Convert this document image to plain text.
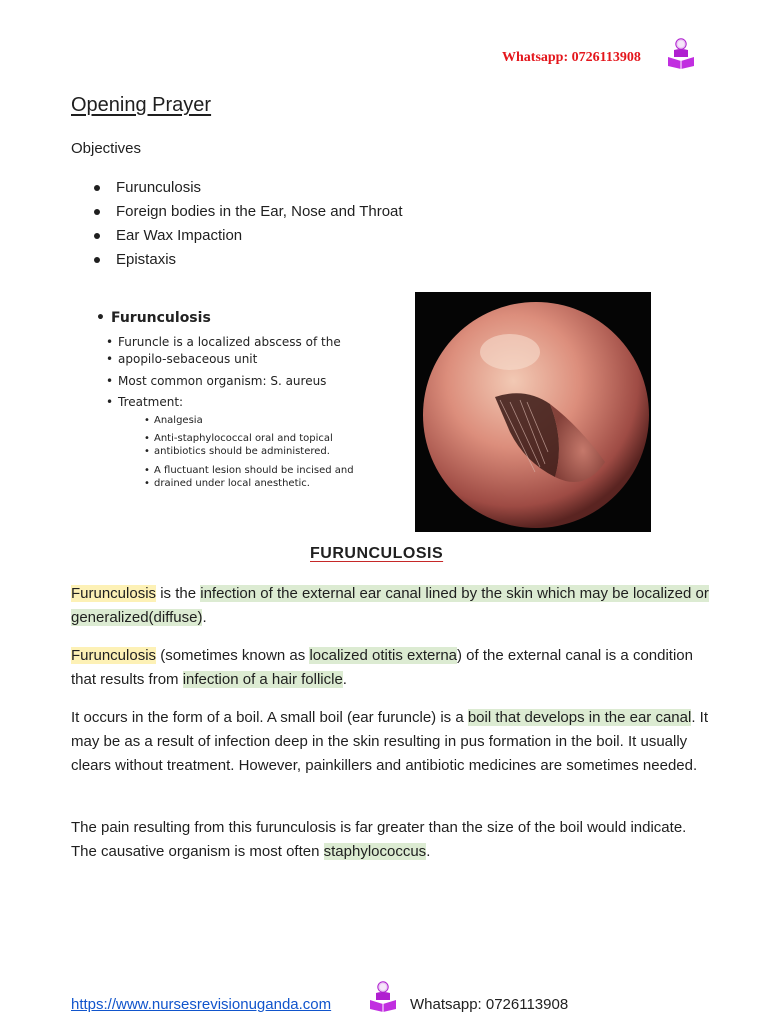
Whatsapp: 0726113908
Opening Prayer
Objectives
Furunculosis
Foreign bodies in the Ear, Nose and Throat
Ear Wax Impaction
Epistaxis
• Furunculosis
• Furuncle is a localized abscess of the
• apopilo-sebaceous unit
• Most common organism: S. aureus
• Treatment:
• Analgesia
• Anti-staphylococcal oral and topical
• antibiotics should be administered.
• A fluctuant lesion should be incised and
• drained under local anesthetic.
FURUNCULOSIS

Furunculosis is the infection of the external ear canal lined by the skin which may be localized or generalized(diffuse).

Furunculosis (sometimes known as localized otitis externa) of the external canal is a condition that results from infection of a hair follicle.

It occurs in the form of a boil. A small boil (ear furuncle) is a boil that develops in the ear canal. It may be as a result of infection deep in the skin resulting in pus formation in the boil. It usually clears without treatment. However, painkillers and antibiotic medicines are sometimes needed.

The pain resulting from this furunculosis is far greater than the size of the boil would indicate. The causative organism is most often staphylococcus.

https://www.nursesrevisionuganda.com	Whatsapp: 0726113908
